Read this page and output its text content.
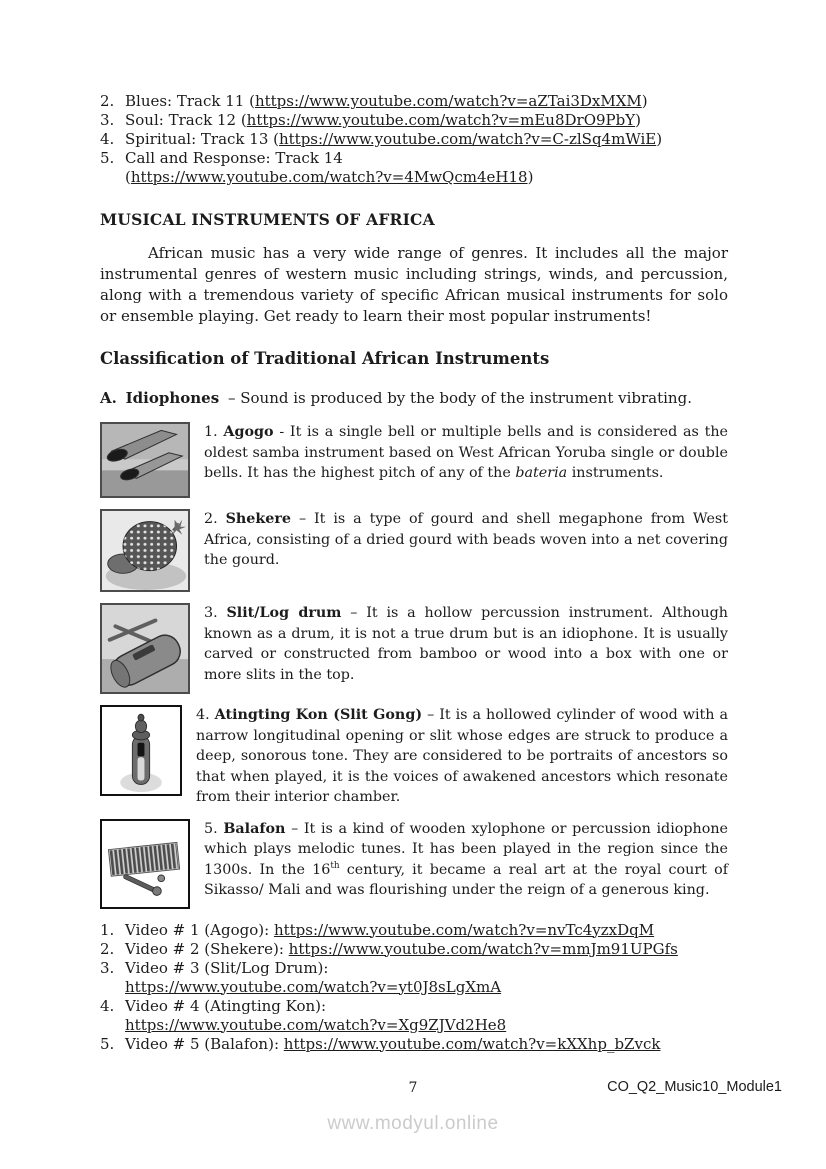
2. Blues: Track 11 (https://www.youtube.com/watch?v=aZTai3DxMXM)
3. Soul: Track 12 (https://www.youtube.com/watch?v=mEu8DrO9PbY)
4. Spiritual: Track 13 (https://www.youtube.com/watch?v=C-zlSq4mWiE)
5. Call and Response: Track 14
(https://www.youtube.com/watch?v=4MwQcm4eH18)
MUSICAL INSTRUMENTS OF AFRICA

African music has a very wide range of genres. It includes all the major instrumental genres of western music including strings, winds, and percussion, along with a tremendous variety of specific African musical instruments for solo or ensemble playing. Get ready to learn their most popular instruments!

Classification of Traditional African Instruments

A. Idiophones – Sound is produced by the body of the instrument vibrating.

1. Agogo - It is a single bell or multiple bells and is considered as the oldest samba instrument based on West African Yoruba single or double bells. It has the highest pitch of any of the bateria instruments.

2. Shekere – It is a type of gourd and shell megaphone from West Africa, consisting of a dried gourd with beads woven into a net covering the gourd.

3. Slit/Log drum – It is a hollow percussion instrument. Although known as a drum, it is not a true drum but is an idiophone. It is usually carved or constructed from bamboo or wood into a box with one or more slits in the top.

4. Atingting Kon (Slit Gong) – It is a hollowed cylinder of wood with a narrow longitudinal opening or slit whose edges are struck to produce a deep, sonorous tone. They are considered to be portraits of ancestors so that when played, it is the voices of awakened ancestors which resonate from their interior chamber.

5. Balafon – It is a kind of wooden xylophone or percussion idiophone which plays melodic tunes. It has been played in the region since the 1300s. In the 16th century, it became a real art at the royal court of Sikasso/ Mali and was flourishing under the reign of a generous king.

1. Video # 1 (Agogo): https://www.youtube.com/watch?v=nvTc4yzxDqM
2. Video # 2 (Shekere): https://www.youtube.com/watch?v=mmJm91UPGfs
3. Video # 3 (Slit/Log Drum):
https://www.youtube.com/watch?v=yt0J8sLgXmA
4. Video # 4 (Atingting Kon):
https://www.youtube.com/watch?v=Xg9ZJVd2He8
5. Video # 5 (Balafon): https://www.youtube.com/watch?v=kXXhp_bZvck
7	CO_Q2_Music10_Module1
www.modyul.online
